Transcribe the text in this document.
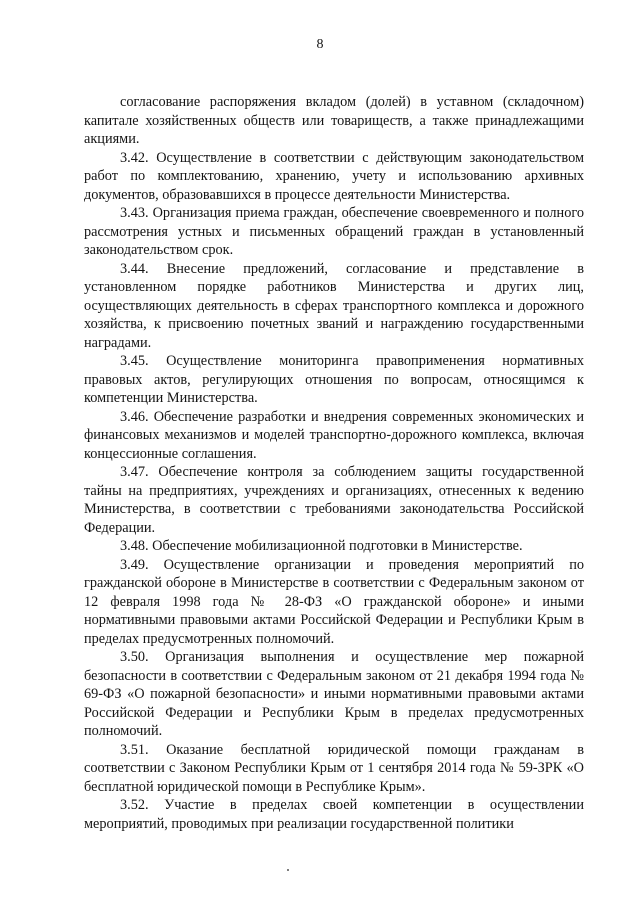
8

согласование распоряжения вкладом (долей) в уставном (складочном) капитале хозяйственных обществ или товариществ, а также принадлежащими акциями.

3.42. Осуществление в соответствии с действующим законодательством работ по комплектованию, хранению, учету и использованию архивных документов, образовавшихся в процессе деятельности Министерства.

3.43. Организация приема граждан, обеспечение своевременного и полного рассмотрения устных и письменных обращений граждан в установленный законодательством срок.

3.44. Внесение предложений, согласование и представление в установленном порядке работников Министерства и других лиц, осуществляющих деятельность в сферах транспортного комплекса и дорожного хозяйства, к присвоению почетных званий и награждению государственными наградами.

3.45. Осуществление мониторинга правоприменения нормативных правовых актов, регулирующих отношения по вопросам, относящимся к компетенции Министерства.

3.46. Обеспечение разработки и внедрения современных экономических и финансовых механизмов и моделей транспортно-дорожного комплекса, включая концессионные соглашения.

3.47. Обеспечение контроля за соблюдением защиты государственной тайны на предприятиях, учреждениях и организациях, отнесенных к ведению Министерства, в соответствии с требованиями законодательства Российской Федерации.

3.48. Обеспечение мобилизационной подготовки в Министерстве.

3.49. Осуществление организации и проведения мероприятий по гражданской обороне в Министерстве в соответствии с Федеральным законом от 12 февраля 1998 года № 28-ФЗ «О гражданской обороне» и иными нормативными правовыми актами Российской Федерации и Республики Крым в пределах предусмотренных полномочий.

3.50. Организация выполнения и осуществление мер пожарной безопасности в соответствии с Федеральным законом от 21 декабря 1994 года № 69-ФЗ «О пожарной безопасности» и иными нормативными правовыми актами Российской Федерации и Республики Крым в пределах предусмотренных полномочий.

3.51. Оказание бесплатной юридической помощи гражданам в соответствии с Законом Республики Крым от 1 сентября 2014 года № 59-ЗРК «О бесплатной юридической помощи в Республике Крым».

3.52. Участие в пределах своей компетенции в осуществлении мероприятий, проводимых при реализации государственной политики
